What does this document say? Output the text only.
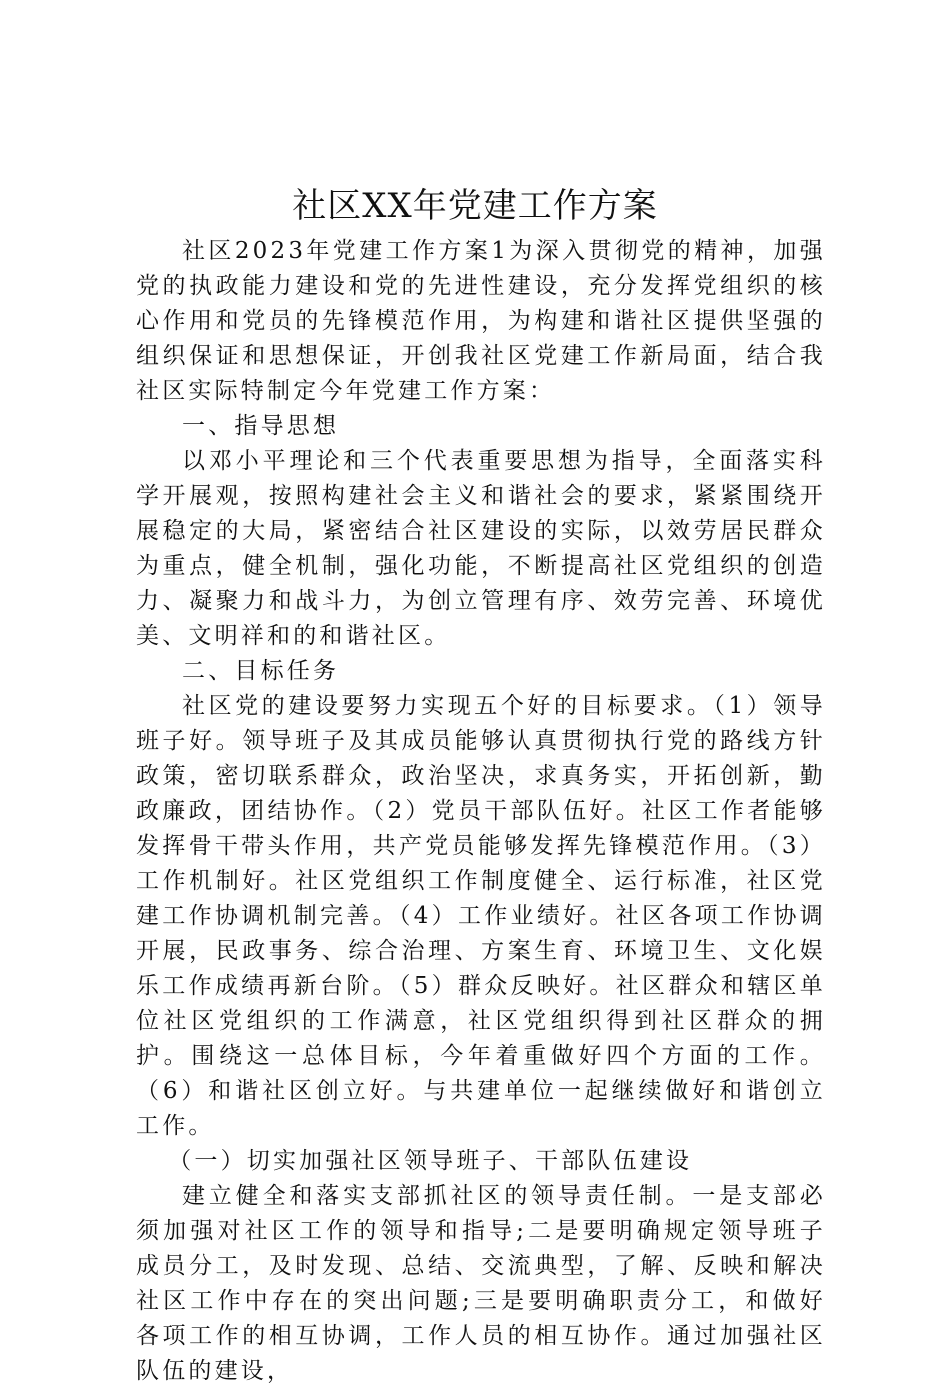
社区XX年党建工作方案

社区2023年党建工作方案1为深入贯彻党的精神，加强党的执政能力建设和党的先进性建设，充分发挥党组织的核心作用和党员的先锋模范作用，为构建和谐社区提供坚强的组织保证和思想保证，开创我社区党建工作新局面，结合我社区实际特制定今年党建工作方案：

一、指导思想

以邓小平理论和三个代表重要思想为指导，全面落实科学开展观，按照构建社会主义和谐社会的要求，紧紧围绕开展稳定的大局，紧密结合社区建设的实际，以效劳居民群众为重点，健全机制，强化功能，不断提高社区党组织的创造力、凝聚力和战斗力，为创立管理有序、效劳完善、环境优美、文明祥和的和谐社区。

二、目标任务

社区党的建设要努力实现五个好的目标要求。（1）领导班子好。领导班子及其成员能够认真贯彻执行党的路线方针政策，密切联系群众，政治坚决，求真务实，开拓创新，勤政廉政，团结协作。（2）党员干部队伍好。社区工作者能够发挥骨干带头作用，共产党员能够发挥先锋模范作用。（3）工作机制好。社区党组织工作制度健全、运行标准，社区党建工作协调机制完善。（4）工作业绩好。社区各项工作协调开展，民政事务、综合治理、方案生育、环境卫生、文化娱乐工作成绩再新台阶。（5）群众反映好。社区群众和辖区单位社区党组织的工作满意，社区党组织得到社区群众的拥护。围绕这一总体目标，今年着重做好四个方面的工作。（6）和谐社区创立好。与共建单位一起继续做好和谐创立工作。

（一）切实加强社区领导班子、干部队伍建设

建立健全和落实支部抓社区的领导责任制。一是支部必须加强对社区工作的领导和指导;二是要明确规定领导班子成员分工，及时发现、总结、交流典型，了解、反映和解决社区工作中存在的突出问题;三是要明确职责分工，和做好各项工作的相互协调，工作人员的相互协作。通过加强社区队伍的建设，
